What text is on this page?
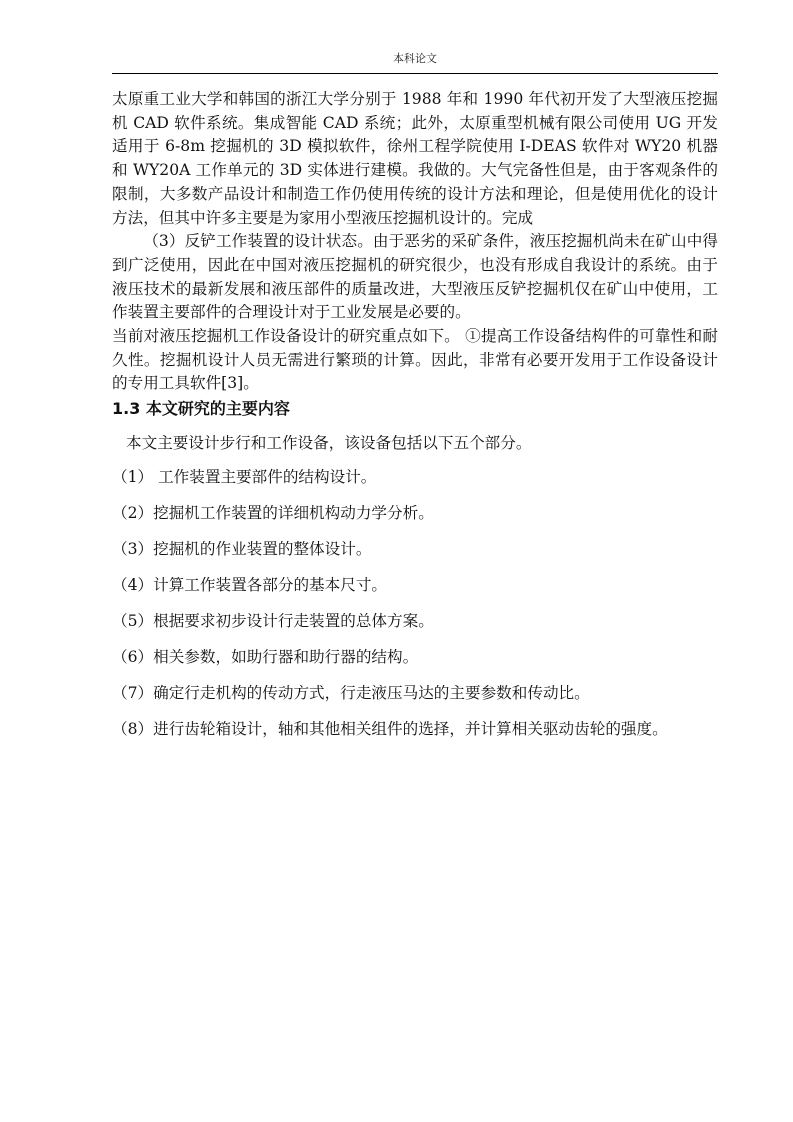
本科论文

太原重工业大学和韩国的浙江大学分别于 1988 年和 1990 年代初开发了大型液压挖掘机 CAD 软件系统。集成智能 CAD 系统；此外，太原重型机械有限公司使用 UG 开发适用于 6-8m 挖掘机的 3D 模拟软件，徐州工程学院使用 I-DEAS 软件对 WY20 机器和 WY20A 工作单元的 3D 实体进行建模。我做的。大气完备性但是，由于客观条件的限制，大多数产品设计和制造工作仍使用传统的设计方法和理论，但是使用优化的设计方法，但其中许多主要是为家用小型液压挖掘机设计的。完成

（3）反铲工作装置的设计状态。由于恶劣的采矿条件，液压挖掘机尚未在矿山中得到广泛使用，因此在中国对液压挖掘机的研究很少，也没有形成自我设计的系统。由于液压技术的最新发展和液压部件的质量改进，大型液压反铲挖掘机仅在矿山中使用，工作装置主要部件的合理设计对于工业发展是必要的。

当前对液压挖掘机工作设备设计的研究重点如下。 ①提高工作设备结构件的可靠性和耐久性。挖掘机设计人员无需进行繁琐的计算。因此，非常有必要开发用于工作设备设计的专用工具软件[3]。

1.3 本文研究的主要内容
本文主要设计步行和工作设备，该设备包括以下五个部分。
（1） 工作装置主要部件的结构设计。
（2）挖掘机工作装置的详细机构动力学分析。
（3）挖掘机的作业装置的整体设计。
（4）计算工作装置各部分的基本尺寸。
（5）根据要求初步设计行走装置的总体方案。
（6）相关参数，如助行器和助行器的结构。
（7）确定行走机构的传动方式，行走液压马达的主要参数和传动比。
（8）进行齿轮箱设计，轴和其他相关组件的选择，并计算相关驱动齿轮的强度。
